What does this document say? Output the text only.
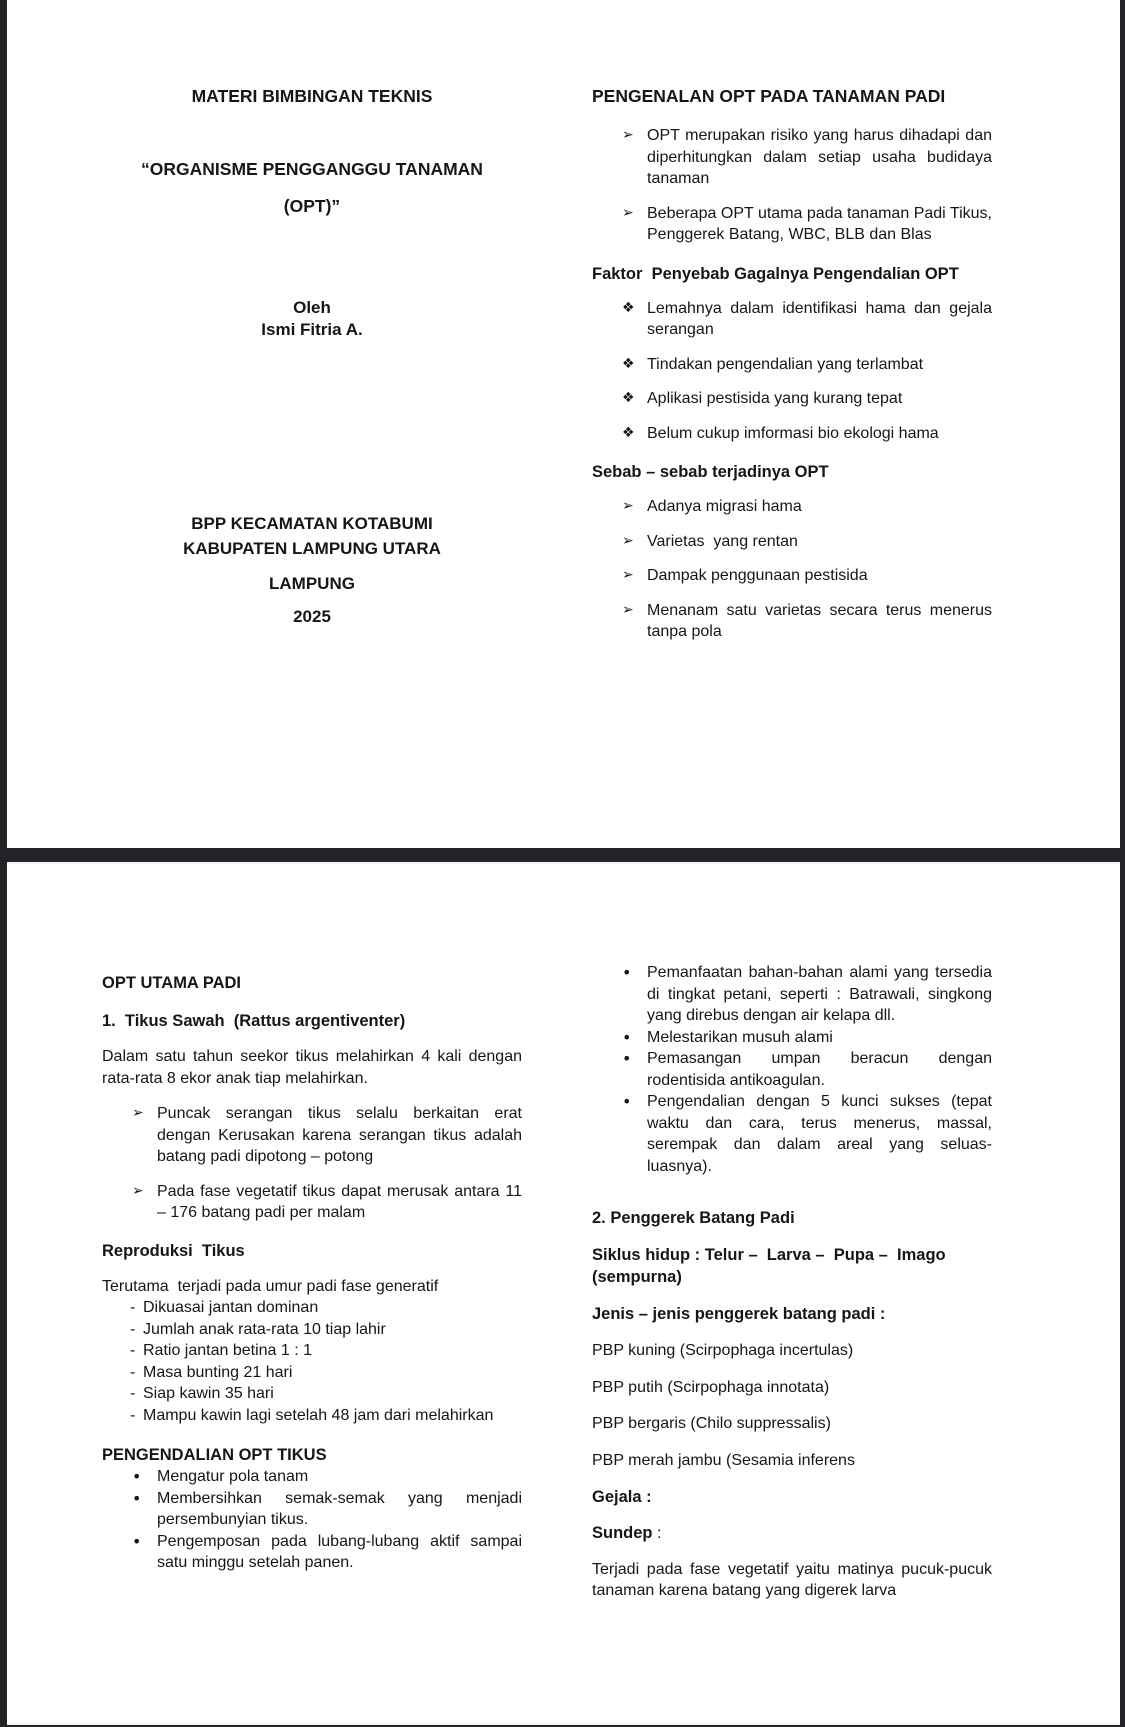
MATERI BIMBINGAN TEKNIS
“ORGANISME PENGGANGGU TANAMAN
(OPT)”
Oleh
Ismi Fitria A.
BPP KECAMATAN KOTABUMI
KABUPATEN LAMPUNG UTARA
LAMPUNG
2025
PENGENALAN OPT PADA TANAMAN PADI
➢ OPT merupakan risiko yang harus dihadapi dan diperhitungkan dalam setiap usaha budidaya tanaman
➢ Beberapa OPT utama pada tanaman Padi Tikus, Penggerek Batang, WBC, BLB dan Blas
Faktor  Penyebab Gagalnya Pengendalian OPT
❖ Lemahnya dalam identifikasi hama dan gejala serangan
❖ Tindakan pengendalian yang terlambat
❖ Aplikasi pestisida yang kurang tepat
❖ Belum cukup imformasi bio ekologi hama
Sebab – sebab terjadinya OPT
➢ Adanya migrasi hama
➢ Varietas  yang rentan
➢ Dampak penggunaan pestisida
➢ Menanam satu varietas secara terus menerus tanpa pola
OPT UTAMA PADI
1.  Tikus Sawah  (Rattus argentiventer)
Dalam satu tahun seekor tikus melahirkan 4 kali dengan rata-rata 8 ekor anak tiap melahirkan.
➢ Puncak serangan tikus selalu berkaitan erat dengan Kerusakan karena serangan tikus adalah batang padi dipotong – potong
➢ Pada fase vegetatif tikus dapat merusak antara 11 – 176 batang padi per malam
Reproduksi  Tikus
Terutama  terjadi pada umur padi fase generatif
- Dikuasai jantan dominan
- Jumlah anak rata-rata 10 tiap lahir
- Ratio jantan betina 1 : 1
- Masa bunting 21 hari
- Siap kawin 35 hari
- Mampu kawin lagi setelah 48 jam dari melahirkan
PENGENDALIAN OPT TIKUS
• Mengatur pola tanam
• Membersihkan semak-semak yang menjadi persembunyian tikus.
• Pengemposan pada lubang-lubang aktif sampai satu minggu setelah panen.
• Pemanfaatan bahan-bahan alami yang tersedia di tingkat petani, seperti : Batrawali, singkong yang direbus dengan air kelapa dll.
• Melestarikan musuh alami
• Pemasangan umpan beracun dengan rodentisida antikoagulan.
• Pengendalian dengan 5 kunci sukses (tepat waktu dan cara, terus menerus, massal, serempak dan dalam areal yang seluas-luasnya).
2. Penggerek Batang Padi
Siklus hidup : Telur –  Larva –  Pupa –  Imago (sempurna)
Jenis – jenis penggerek batang padi :
PBP kuning (Scirpophaga incertulas)
PBP putih (Scirpophaga innotata)
PBP bergaris (Chilo suppressalis)
PBP merah jambu (Sesamia inferens
Gejala :
Sundep :
Terjadi pada fase vegetatif yaitu matinya pucuk-pucuk tanaman karena batang yang digerek larva
